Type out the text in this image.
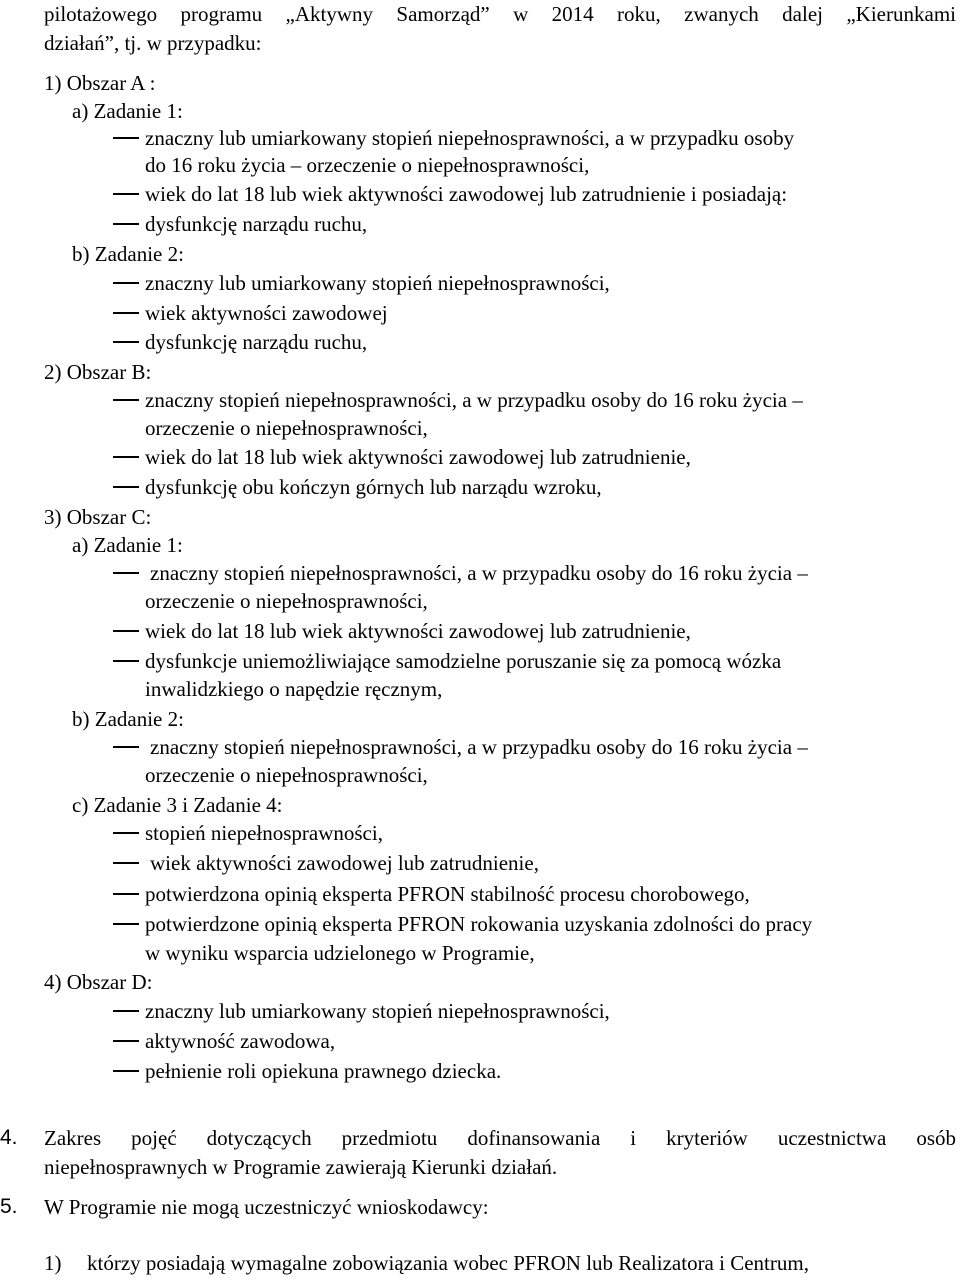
pilotażowego programu „Aktywny Samorząd” w 2014 roku, zwanych dalej „Kierunkami
działań”, tj. w przypadku:
1) Obszar A :
a) Zadanie 1:
znaczny lub umiarkowany stopień niepełnosprawności, a w przypadku osoby
do 16 roku życia – orzeczenie o niepełnosprawności,
wiek do lat 18 lub wiek aktywności zawodowej lub zatrudnienie i posiadają:
dysfunkcję narządu ruchu,
b) Zadanie 2:
znaczny lub umiarkowany stopień niepełnosprawności,
wiek aktywności zawodowej
dysfunkcję narządu ruchu,
2) Obszar B:
znaczny stopień niepełnosprawności, a w przypadku osoby do 16 roku życia –
orzeczenie o niepełnosprawności,
wiek do lat 18 lub wiek aktywności zawodowej lub zatrudnienie,
dysfunkcję obu kończyn górnych lub narządu wzroku,
3) Obszar C:
a) Zadanie 1:
znaczny stopień niepełnosprawności, a w przypadku osoby do 16 roku życia –
orzeczenie o niepełnosprawności,
wiek do lat 18 lub wiek aktywności zawodowej lub zatrudnienie,
dysfunkcje uniemożliwiające samodzielne poruszanie się za pomocą wózka
inwalidzkiego o napędzie ręcznym,
b) Zadanie 2:
znaczny stopień niepełnosprawności, a w przypadku osoby do 16 roku życia –
orzeczenie o niepełnosprawności,
c) Zadanie 3 i Zadanie 4:
stopień niepełnosprawności,
wiek aktywności zawodowej lub zatrudnienie,
potwierdzona opinią eksperta PFRON stabilność procesu chorobowego,
potwierdzone opinią eksperta PFRON rokowania uzyskania zdolności do pracy
w wyniku wsparcia udzielonego w Programie,
4) Obszar D:
znaczny lub umiarkowany stopień niepełnosprawności,
aktywność zawodowa,
pełnienie roli opiekuna prawnego dziecka.
4. Zakres pojęć dotyczących przedmiotu dofinansowania i kryteriów uczestnictwa osób
niepełnosprawnych w Programie zawierają Kierunki działań.
5. W Programie nie mogą uczestniczyć wnioskodawcy:
1) którzy posiadają wymagalne zobowiązania wobec PFRON lub Realizatora i Centrum,
